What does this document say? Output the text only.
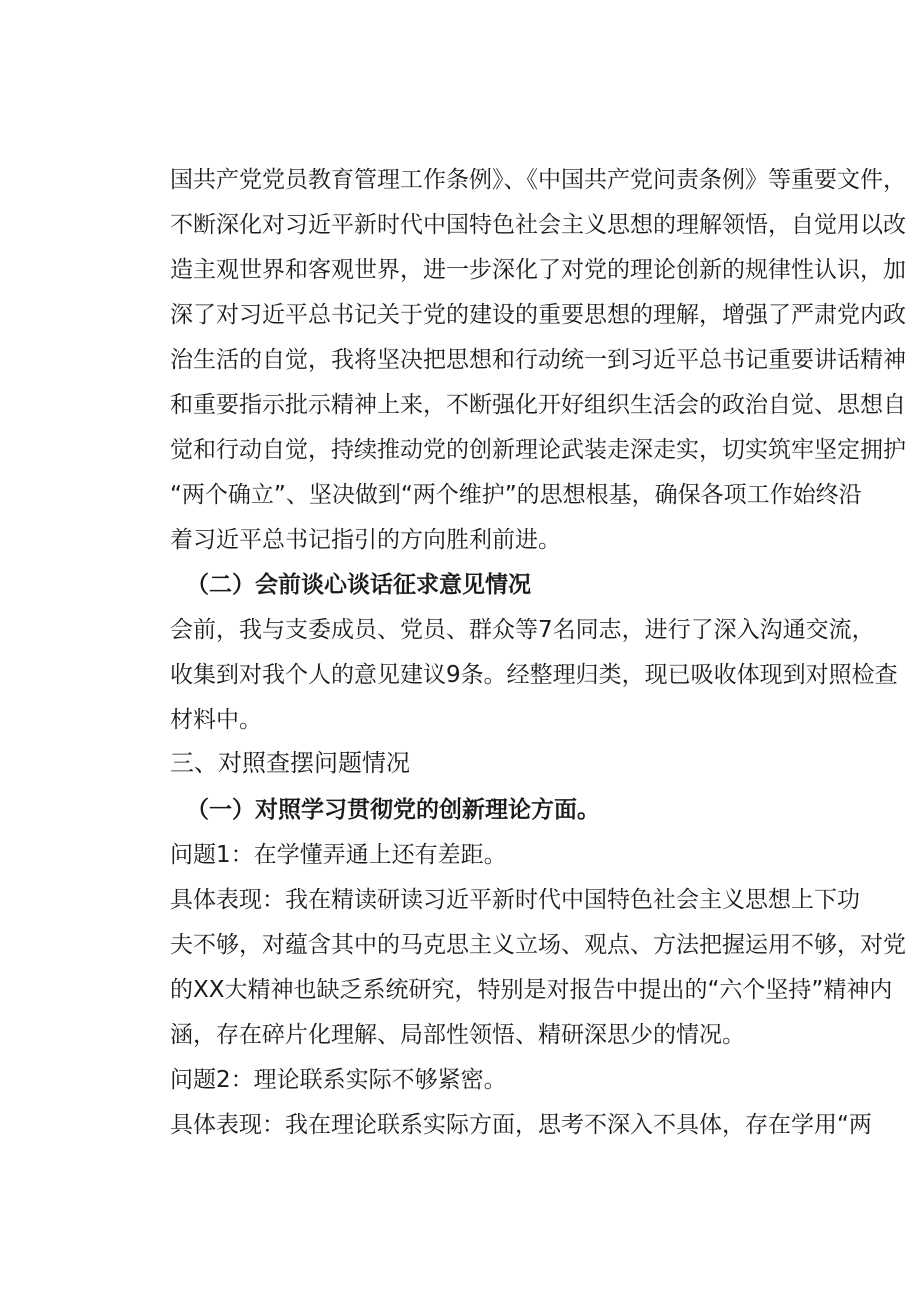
国共产党党员教育管理工作条例》、《中国共产党问责条例》等重要文件，
不断深化对习近平新时代中国特色社会主义思想的理解领悟，自觉用以改
造主观世界和客观世界，进一步深化了对党的理论创新的规律性认识，加
深了对习近平总书记关于党的建设的重要思想的理解，增强了严肃党内政
治生活的自觉，我将坚决把思想和行动统一到习近平总书记重要讲话精神
和重要指示批示精神上来，不断强化开好组织生活会的政治自觉、思想自
觉和行动自觉，持续推动党的创新理论武装走深走实，切实筑牢坚定拥护
“两个确立”、坚决做到“两个维护”的思想根基，确保各项工作始终沿
着习近平总书记指引的方向胜利前进。
（二）会前谈心谈话征求意见情况
会前，我与支委成员、党员、群众等7名同志，进行了深入沟通交流，
收集到对我个人的意见建议9条。经整理归类，现已吸收体现到对照检查
材料中。
三、对照查摆问题情况
（一）对照学习贯彻党的创新理论方面。
问题1：在学懂弄通上还有差距。
具体表现：我在精读研读习近平新时代中国特色社会主义思想上下功
夫不够，对蕴含其中的马克思主义立场、观点、方法把握运用不够，对党
的XX大精神也缺乏系统研究，特别是对报告中提出的“六个坚持”精神内
涵，存在碎片化理解、局部性领悟、精研深思少的情况。
问题2：理论联系实际不够紧密。
具体表现：我在理论联系实际方面，思考不深入不具体，存在学用“两
